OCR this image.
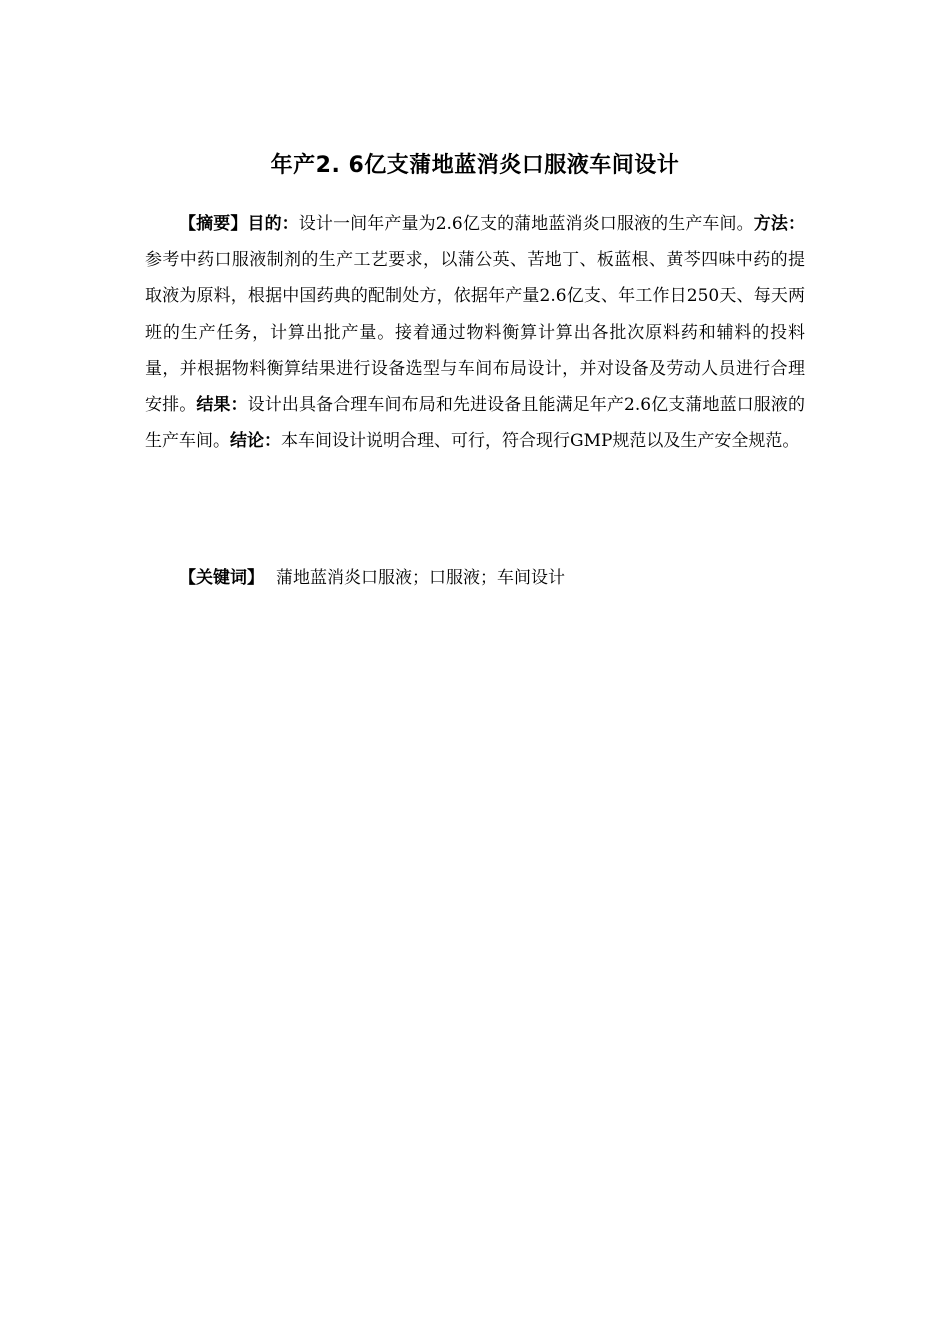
年产2. 6亿支蒲地蓝消炎口服液车间设计

【摘要】目的：设计一间年产量为2.6亿支的蒲地蓝消炎口服液的生产车间。方法：参考中药口服液制剂的生产工艺要求，以蒲公英、苦地丁、板蓝根、黄芩四味中药的提取液为原料，根据中国药典的配制处方，依据年产量2.6亿支、年工作日250天、每天两班的生产任务，计算出批产量。接着通过物料衡算计算出各批次原料药和辅料的投料量，并根据物料衡算结果进行设备选型与车间布局设计，并对设备及劳动人员进行合理安排。结果：设计出具备合理车间布局和先进设备且能满足年产2.6亿支蒲地蓝口服液的生产车间。结论：本车间设计说明合理、可行，符合现行GMP规范以及生产安全规范。

【关键词】 蒲地蓝消炎口服液；口服液；车间设计
